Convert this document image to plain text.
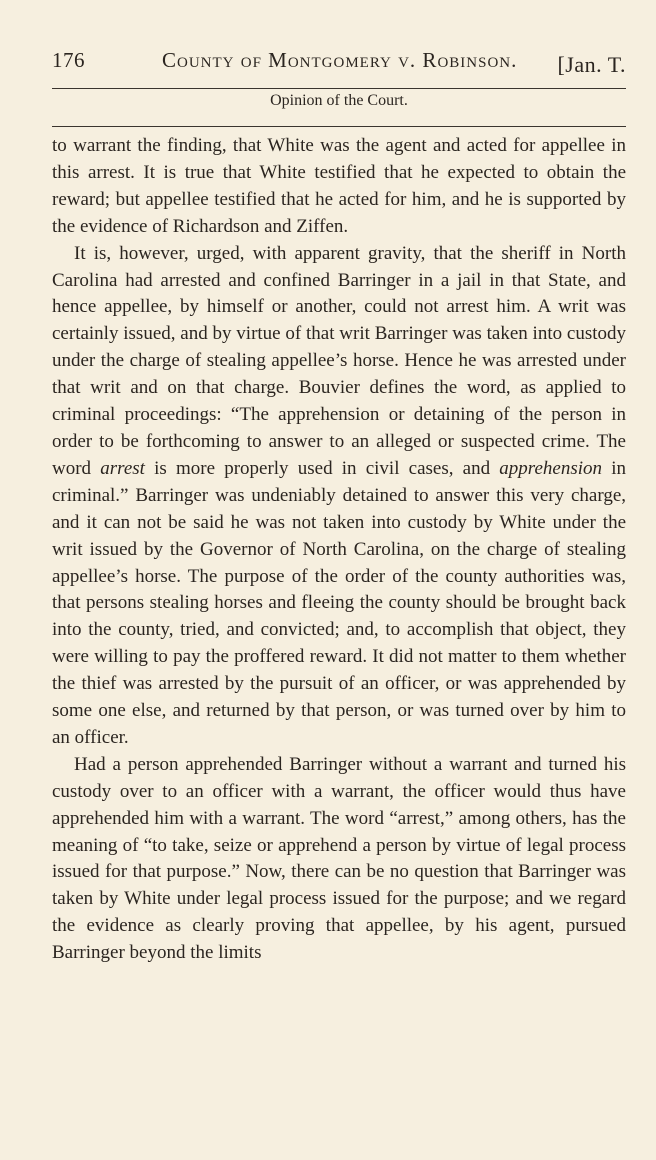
176	County of Montgomery v. Robinson. [Jan. T.
Opinion of the Court.

to warrant the finding, that White was the agent and acted for appellee in this arrest. It is true that White testified that he expected to obtain the reward; but appellee testified that he acted for him, and he is supported by the evidence of Richardson and Ziffen.

It is, however, urged, with apparent gravity, that the sheriff in North Carolina had arrested and confined Barringer in a jail in that State, and hence appellee, by himself or another, could not arrest him. A writ was certainly issued, and by virtue of that writ Barringer was taken into custody under the charge of stealing appellee’s horse. Hence he was arrested under that writ and on that charge. Bouvier defines the word, as applied to criminal proceedings: “The apprehension or detaining of the person in order to be forthcoming to answer to an alleged or suspected crime. The word arrest is more properly used in civil cases, and apprehension in criminal.” Barringer was undeniably detained to answer this very charge, and it can not be said he was not taken into custody by White under the writ issued by the Governor of North Carolina, on the charge of stealing appellee’s horse. The purpose of the order of the county authorities was, that persons stealing horses and fleeing the county should be brought back into the county, tried, and convicted; and, to accomplish that object, they were willing to pay the proffered reward. It did not matter to them whether the thief was arrested by the pursuit of an officer, or was apprehended by some one else, and returned by that person, or was turned over by him to an officer.

Had a person apprehended Barringer without a warrant and turned his custody over to an officer with a warrant, the officer would thus have apprehended him with a warrant. The word “arrest,” among others, has the meaning of “to take, seize or apprehend a person by virtue of legal process issued for that purpose.” Now, there can be no question that Barringer was taken by White under legal process issued for the purpose; and we regard the evidence as clearly proving that appellee, by his agent, pursued Barringer beyond the limits
